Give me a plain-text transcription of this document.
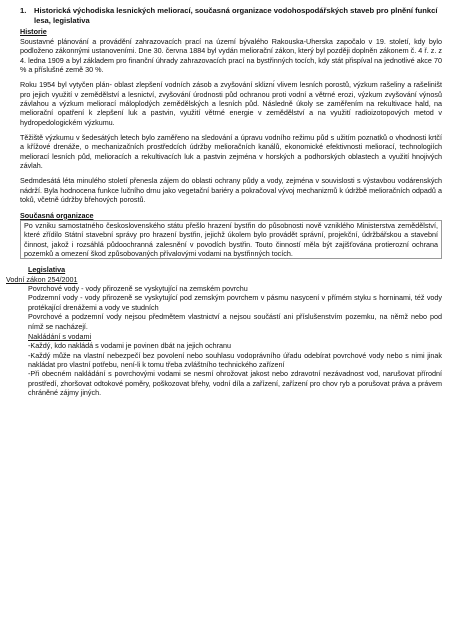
1.	Historická východiska lesnických meliorací, současná organizace vodohospodářských staveb pro plnění funkcí lesa, legislativa
Historie

Soustavné plánování a provádění zahrazovacích prací na území bývalého Rakouska-Uherska započalo v 19. století, kdy bylo podloženo zákonnými ustanoveními. Dne 30. června 1884 byl vydán meliorační zákon, který byl později doplněn zákonem č. 4 ř. z. z 4. ledna 1909 a byl základem pro finanční úhrady zahrazovacích prací na bystřinných tocích, kdy stát přispíval na jednotlivé akce 70 % a příslušné země 30 %.

Roku 1954 byl vytyčen plán- oblast zlepšení vodních zásob a zvyšování skliznı́ vlivem lesních porostů, výzkum rašeliny a rašeliništ pro jejich využití v zemědělství a lesnictví, zvyšování úrodnosti půd ochranou proti vodní a větrné erozi, výzkum zvyšování výnosů závlahou a výzkum meliorací máloplodých zemědělských a lesních půd. Následně úkoly se zaměřením na rekultivace hald, na meliorační opatření k zlepšení luk a pastvin, využití větrné energie v zemědělství a na využití radioizotopových metod v hydropedologickém výzkumu.

Těžiště výzkumu v šedesátých letech bylo zaměřeno na sledování a úpravu vodního režimu půd s užitím poznatků o vhodnosti krtčí a křížové drenáže, o mechanizačních prostředcích údržby melioračních kanálů, ekonomické efektivnosti meliorací, technologiích meliorací lesních půd, melioracích a rekultivacích luk a pastvin zejména v horských a podhorských oblastech a využití hnojivých závlah.

Sedmdesátá léta minulého století přenesla zájem do oblasti ochrany půdy a vody, zejména v souvislosti s výstavbou vodárenských nádrží. Byla hodnocena funkce lučního drnu jako vegetační bariéry a pokračoval vývoj mechanizmů k údržbě melioračních odpadů a toků, včetně údržby břehových porostů.

Současná organizace

Po vzniku samostatného československého státu přešlo hrazení bystřin do působnosti nově vzniklého Ministerstva zemědělství, které zřídilo Státní stavební správy pro hrazení bystřin, jejichž úkolem bylo provádět správní, projekční, údržbářskou a stavební činnost, jakož i rozsáhlá půdoochranná zalesnění v povodích bystřin. Touto činností měla být zajišťována protierozní ochrana pozemků a omezení škod způsobovaných přívalovými vodami na bystřinných tocích.

Legislativa
Vodní zákon 254/2001

Povrchové vody - vody přirozeně se vyskytující na zemském povrchu

Podzemní vody - vody přirozeně se vyskytující pod zemským povrchem v pásmu nasycení v přímém styku s horninami, též vody protékající drenážemi a vody ve studních

Povrchové a podzemní vody nejsou předmětem vlastnictví a nejsou součástí ani příslušenstvím pozemku, na němž nebo pod nímž se nacházejí.

Nakládání s vodami

-Každý, kdo nakládá s vodami je povinen dbát na jejich ochranu

-Každý může na vlastní nebezpečí bez povolení nebo souhlasu vodoprávního úřadu odebírat povrchové vody nebo s nimi jinak nakládat pro vlastní potřebu, není-li k tomu třeba zvláštního technického zařízení

-Při obecném nakládání s povrchovými vodami se nesmí ohrožovat jakost nebo zdravotní nezávadnost vod, narušovat přírodní prostředí, zhoršovat odtokové poměry, poškozovat břehy, vodní díla a zařízení, zařízení pro chov ryb a porušovat práva a právem chráněné zájmy jiných.
